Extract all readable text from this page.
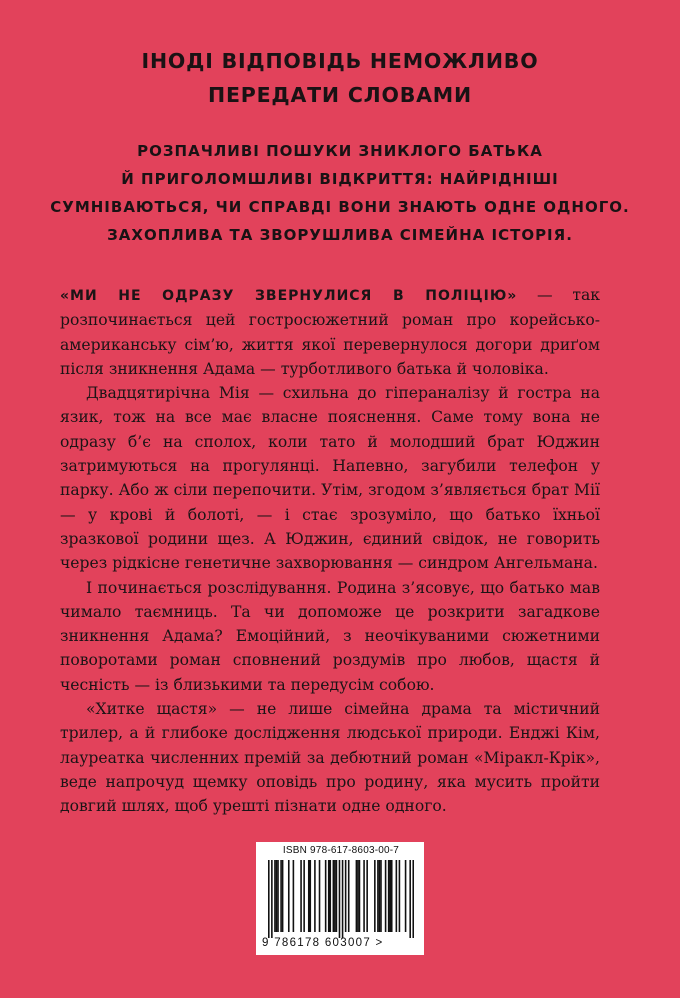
ІНОДІ ВІДПОВІДЬ НЕМОЖЛИВО
ПЕРЕДАТИ СЛОВАМИ
РОЗПАЧЛИВІ ПОШУКИ ЗНИКЛОГО БАТЬКА
Й ПРИГОЛОМШЛИВІ ВІДКРИТТЯ: НАЙРІДНІШІ
СУМНІВАЮТЬСЯ, ЧИ СПРАВДІ ВОНИ ЗНАЮТЬ ОДНЕ ОДНОГО.
ЗАХОПЛИВА ТА ЗВОРУШЛИВА СІМЕЙНА ІСТОРІЯ.

«МИ НЕ ОДРАЗУ ЗВЕРНУЛИСЯ В ПОЛІЦІЮ» — так розпочинається цей гостросюжетний роман про корейсько-американську сім’ю, життя якої перевернулося догори дриґом після зникнення Адама — турботливого батька й чоловіка.

Двадцятирічна Мія — схильна до гіпераналізу й гостра на язик, тож на все має власне пояснення. Саме тому вона не одразу б’є на сполох, коли тато й молодший брат Юджин затримуються на прогулянці. Напевно, загубили телефон у парку. Або ж сіли перепочити. Утім, згодом з’являється брат Мії — у крові й болоті, — і стає зрозуміло, що батько їхньої зразкової родини щез. А Юджин, єдиний свідок, не говорить через рідкісне генетичне захворювання — синдром Ангельмана.

І починається розслідування. Родина з’ясовує, що батько мав чимало таємниць. Та чи допоможе це розкрити загадкове зникнення Адама? Емоційний, з неочікуваними сюжетними поворотами роман сповнений роздумів про любов, щастя й чесність — із близькими та передусім собою.

«Хитке щастя» — не лише сімейна драма та містичний трилер, а й глибоке дослідження людської природи. Енджі Кім, лауреатка численних премій за дебютний роман «Міракл-Крік», веде напрочуд щемку оповідь про родину, яка мусить пройти довгий шлях, щоб урешті пізнати одне одного.

ISBN 978-617-8603-00-7
9 786178 603007 >
